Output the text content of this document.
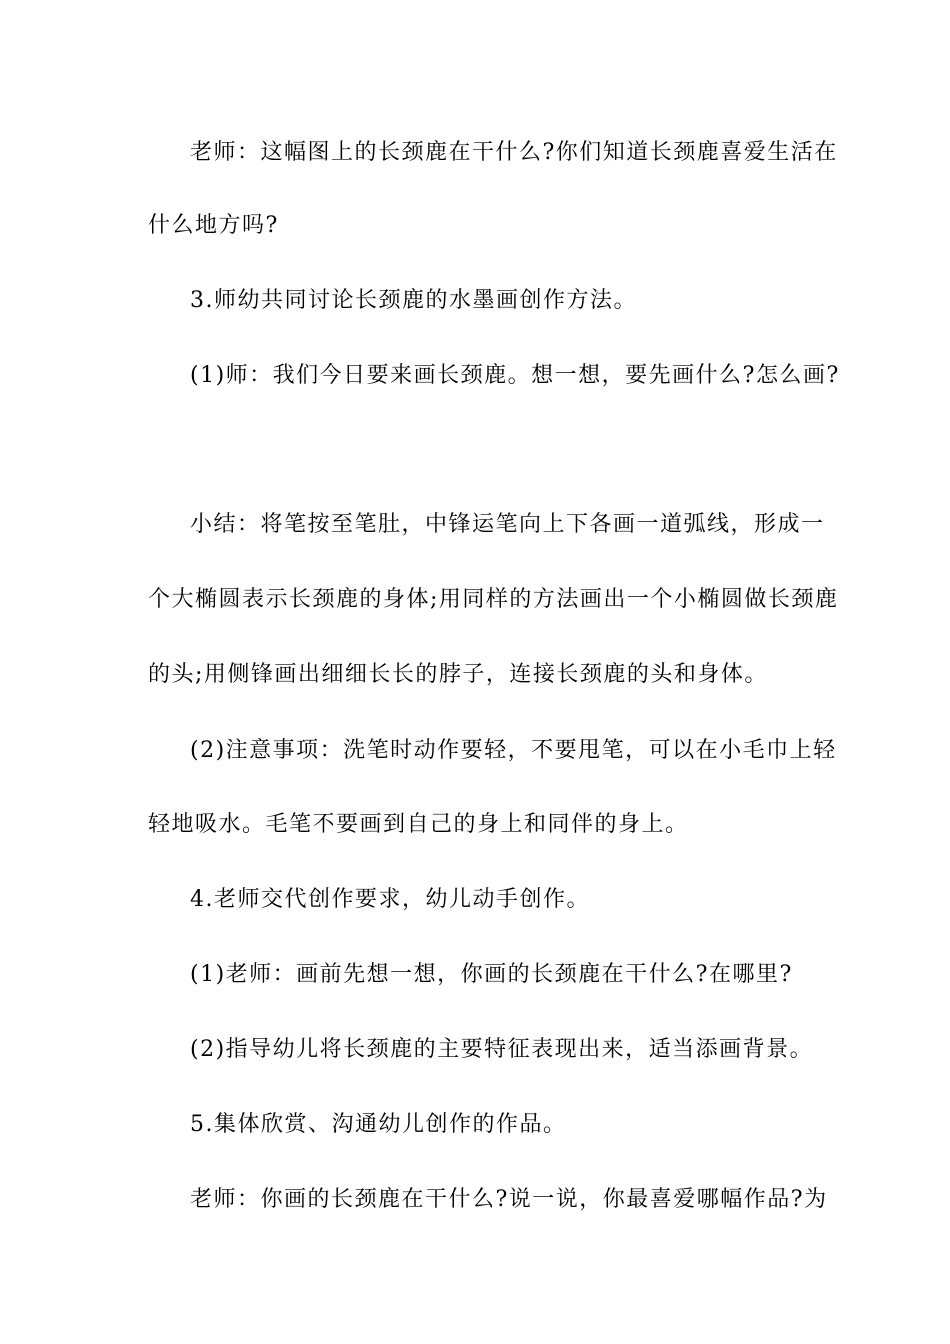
老师：这幅图上的长颈鹿在干什么?你们知道长颈鹿喜爱生活在
什么地方吗?
3.师幼共同讨论长颈鹿的水墨画创作方法。
(1)师：我们今日要来画长颈鹿。想一想，要先画什么?怎么画?
小结：将笔按至笔肚，中锋运笔向上下各画一道弧线，形成一
个大椭圆表示长颈鹿的身体;用同样的方法画出一个小椭圆做长颈鹿
的头;用侧锋画出细细长长的脖子，连接长颈鹿的头和身体。
(2)注意事项：洗笔时动作要轻，不要甩笔，可以在小毛巾上轻
轻地吸水。毛笔不要画到自己的身上和同伴的身上。
4.老师交代创作要求，幼儿动手创作。
(1)老师：画前先想一想，你画的长颈鹿在干什么?在哪里?
(2)指导幼儿将长颈鹿的主要特征表现出来，适当添画背景。
5.集体欣赏、沟通幼儿创作的作品。
老师：你画的长颈鹿在干什么?说一说，你最喜爱哪幅作品?为
